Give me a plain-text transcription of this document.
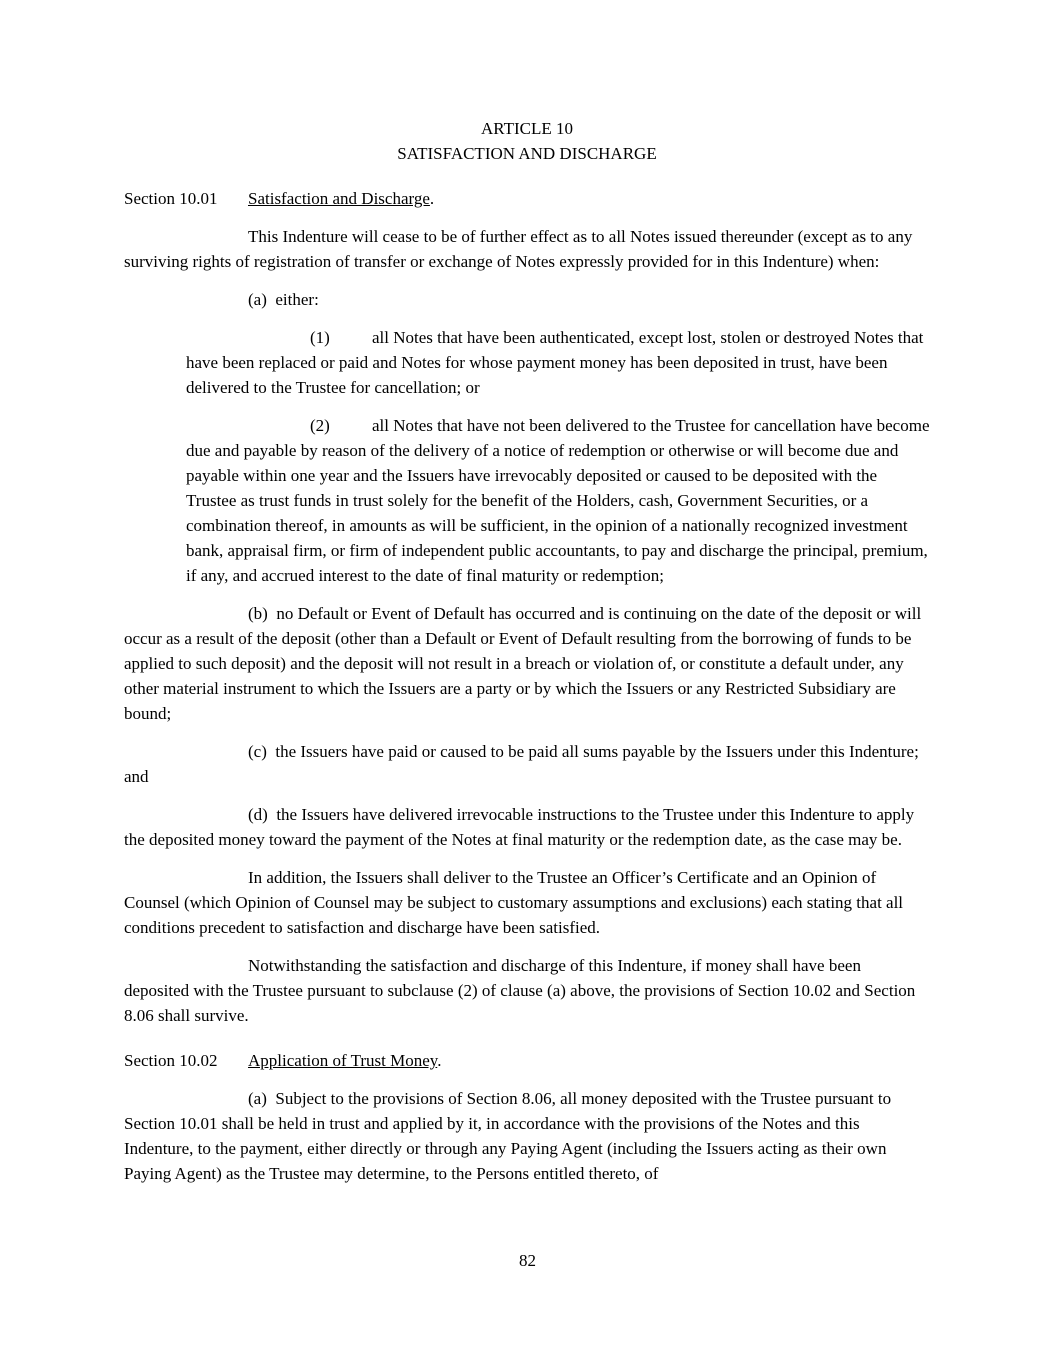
ARTICLE 10
SATISFACTION AND DISCHARGE

Section 10.01 Satisfaction and Discharge.

This Indenture will cease to be of further effect as to all Notes issued thereunder (except as to any surviving rights of registration of transfer or exchange of Notes expressly provided for in this Indenture) when:

(a)  either:

(1) all Notes that have been authenticated, except lost, stolen or destroyed Notes that have been replaced or paid and Notes for whose payment money has been deposited in trust, have been delivered to the Trustee for cancellation; or

(2) all Notes that have not been delivered to the Trustee for cancellation have become due and payable by reason of the delivery of a notice of redemption or otherwise or will become due and payable within one year and the Issuers have irrevocably deposited or caused to be deposited with the Trustee as trust funds in trust solely for the benefit of the Holders, cash, Government Securities, or a combination thereof, in amounts as will be sufficient, in the opinion of a nationally recognized investment bank, appraisal firm, or firm of independent public accountants, to pay and discharge the principal, premium, if any, and accrued interest to the date of final maturity or redemption;

(b)  no Default or Event of Default has occurred and is continuing on the date of the deposit or will occur as a result of the deposit (other than a Default or Event of Default resulting from the borrowing of funds to be applied to such deposit) and the deposit will not result in a breach or violation of, or constitute a default under, any other material instrument to which the Issuers are a party or by which the Issuers or any Restricted Subsidiary are bound;

(c)  the Issuers have paid or caused to be paid all sums payable by the Issuers under this Indenture; and

(d)  the Issuers have delivered irrevocable instructions to the Trustee under this Indenture to apply the deposited money toward the payment of the Notes at final maturity or the redemption date, as the case may be.

In addition, the Issuers shall deliver to the Trustee an Officer’s Certificate and an Opinion of Counsel (which Opinion of Counsel may be subject to customary assumptions and exclusions) each stating that all conditions precedent to satisfaction and discharge have been satisfied.

Notwithstanding the satisfaction and discharge of this Indenture, if money shall have been deposited with the Trustee pursuant to subclause (2) of clause (a) above, the provisions of Section 10.02 and Section 8.06 shall survive.

Section 10.02 Application of Trust Money.

(a)  Subject to the provisions of Section 8.06, all money deposited with the Trustee pursuant to Section 10.01 shall be held in trust and applied by it, in accordance with the provisions of the Notes and this Indenture, to the payment, either directly or through any Paying Agent (including the Issuers acting as their own Paying Agent) as the Trustee may determine, to the Persons entitled thereto, of

82
